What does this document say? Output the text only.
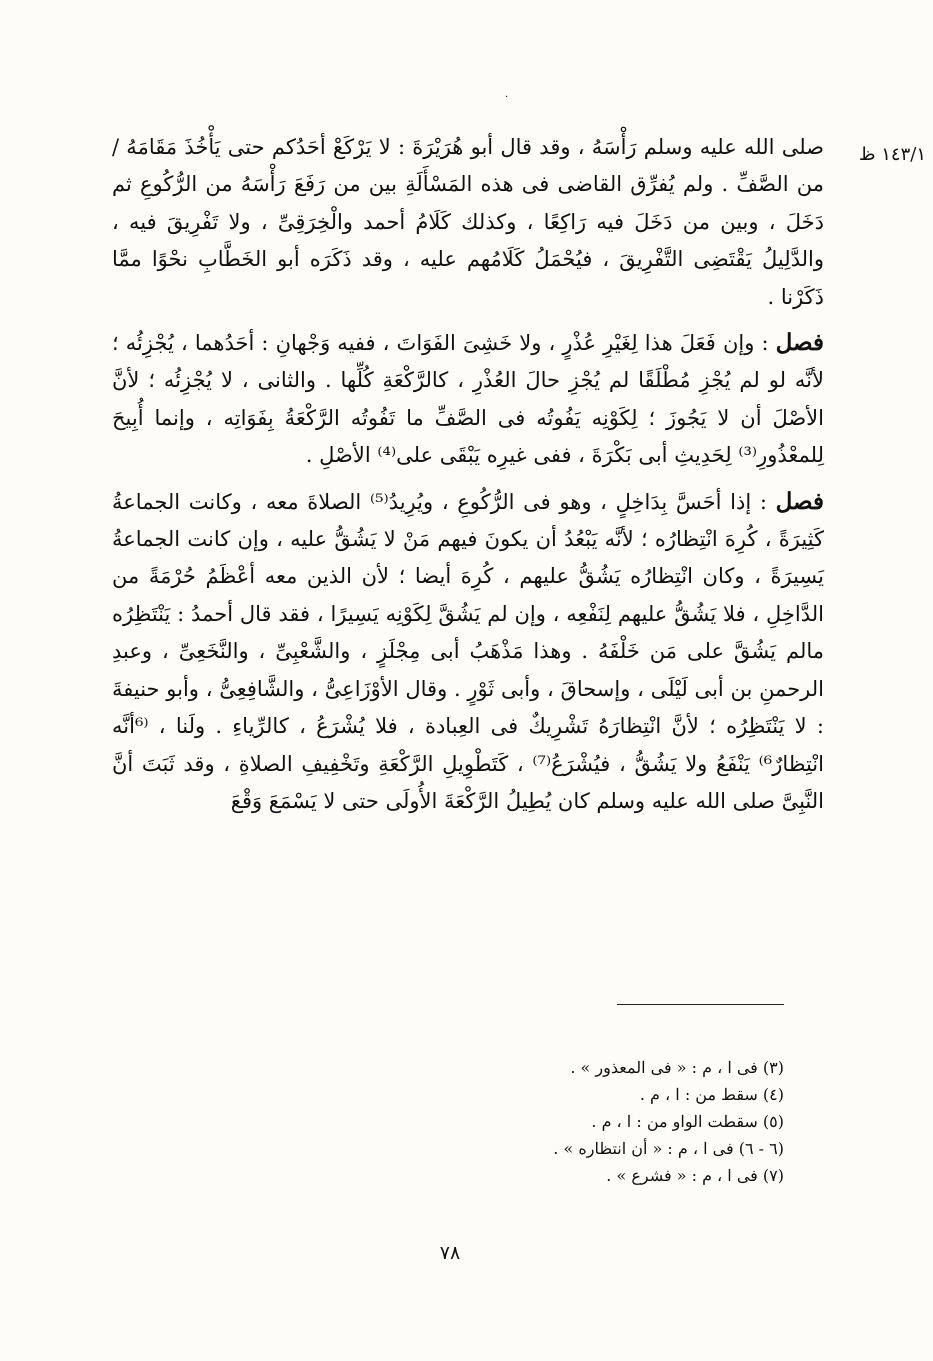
·
١٤٣/١ ظ

صلى الله عليه وسلم رَأْسَهُ ، وقد قال أبو هُرَيْرَةَ : لا يَرْكَعْ أحَدُكم حتى يَأْخُذَ مَقَامَهُ / من الصَّفِّ . ولم يُفرِّق القاضى فى هذه المَسْأَلَةِ بين من رَفَعَ رَأْسَهُ من الرُّكُوعِ ثم دَخَلَ ، وبين من دَخَلَ فيه رَاكِعًا ، وكذلك كَلَامُ أحمد والْخِرَقِىِّ ، ولا تَفْرِيقَ فيه ، والدَّلِيلُ يَقْتَضِى التَّفْرِيقَ ، فيُحْمَلُ كَلَامُهم عليه ، وقد ذَكَرَه أبو الخَطَّابِ نحْوًا ممَّا ذَكَرْنا .

فصل : وإن فَعَلَ هذا لِغَيْرِ عُذْرٍ ، ولا خَشِىَ الفَوَاتَ ، ففيه وَجْهانِ : أحَدُهما ، يُجْزِئُه ؛ لأنَّه لو لم يُجْزِ مُطْلَقًا لم يُجْزِ حالَ العُذْرِ ، كالرَّكْعَةِ كُلِّها . والثانى ، لا يُجْزِئُه ؛ لأنَّ الأصْلَ أن لا يَجُوزَ ؛ لِكَوْنِه يَفُوتُه فى الصَّفِّ ما تَفُوتُه الرَّكْعَةُ بِفَوَاتِه ، وإنما أُبِيحَ لِلمعْذُورِ⁽³⁾ لِحَدِيثِ أبى بَكْرَةَ ، ففى غيرِه يَبْقَى على⁽⁴⁾ الأصْلِ .

فصل : إذا أحَسَّ بِدَاخِلٍ ، وهو فى الرُّكُوعِ ، ويُرِيدُ⁽⁵⁾ الصلاةَ معه ، وكانت الجماعةُ كَثِيرَةً ، كُرِهَ انْتِظارُه ؛ لأنَّه يَبْعُدُ أن يكونَ فيهم مَنْ لا يَشُقُّ عليه ، وإن كانت الجماعةُ يَسِيرَةً ، وكان انْتِظارُه يَشُقُّ عليهم ، كُرِهَ أيضا ؛ لأن الذين معه أعْظَمُ حُرْمَةً من الدَّاخِلِ ، فلا يَشُقُّ عليهم لِنَفْعِه ، وإن لم يَشُقَّ لِكَوْنِه يَسِيرًا ، فقد قال أحمدُ : يَنْتَظِرُه مالم يَشُقَّ على مَن خَلْفَهُ . وهذا مَذْهَبُ أبى مِجْلَزٍ ، والشَّعْبِىِّ ، والنَّخَعِىِّ ، وعبدِ الرحمنِ بن أبى لَيْلَى ، وإسحاقَ ، وأبى ثَوْرٍ . وقال الأوْزَاعِىُّ ، والشَّافِعِىُّ ، وأبو حنيفةَ : لا يَنْتَظِرُه ؛ لأنَّ انْتِظارَهُ تَشْرِيكٌ فى العِبادة ، فلا يُشْرَعُ ، كالرِّياءِ . ولَنا ، ⁽⁶أنَّه انْتِظارٌ⁶⁾ يَنْفَعُ ولا يَشُقُّ ، فيُشْرَعُ⁽⁷⁾ ، كَتَطْوِيلِ الرَّكْعَةِ وتَخْفِيفِ الصلاةِ ، وقد ثَبَتَ أنَّ النَّبِىَّ صلى الله عليه وسلم كان يُطِيلُ الرَّكْعَةَ الأُولَى حتى لا يَسْمَعَ وَقْعَ

(٣) فى ا ، م : « فى المعذور » .

(٤) سقط من : ا ، م .

(٥) سقطت الواو من : ا ، م .

(٦ - ٦) فى ا ، م : « أن انتظاره » .

(٧) فى ا ، م : « فشرع » .

٧٨
